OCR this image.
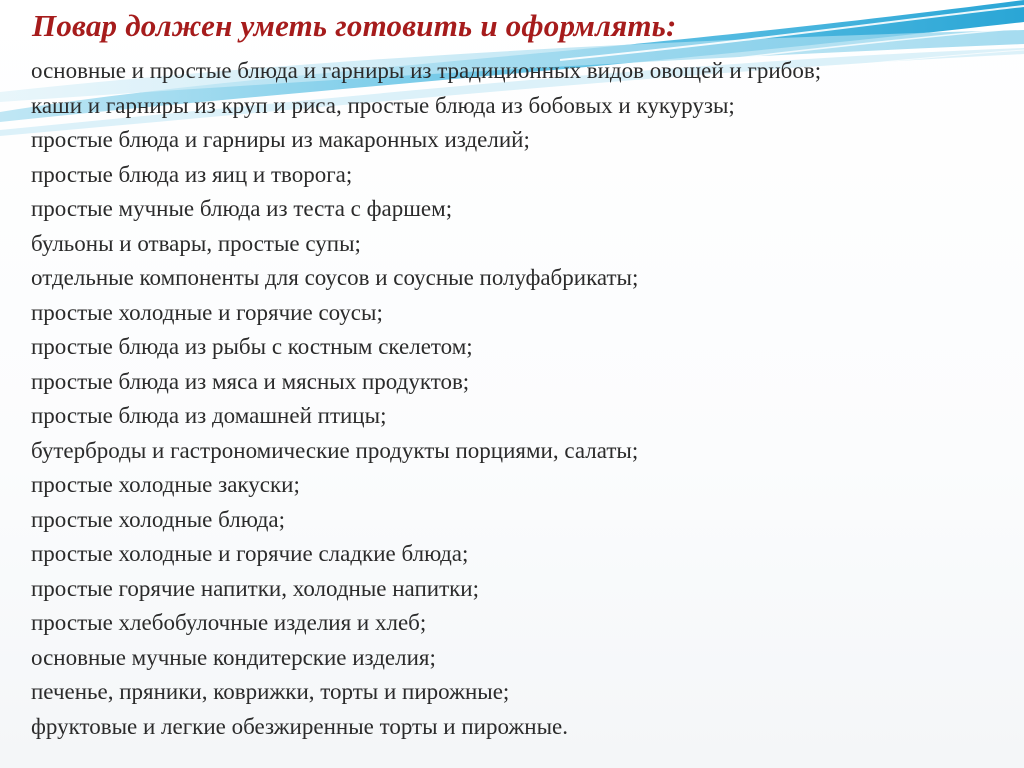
Повар должен уметь готовить и оформлять:
основные и простые блюда и гарниры из традиционных видов овощей и грибов;
каши и гарниры из круп и риса, простые блюда из бобовых и кукурузы;
простые блюда и гарниры из макаронных изделий;
простые блюда из яиц и творога;
простые мучные блюда из теста с фаршем;
бульоны и отвары, простые супы;
отдельные компоненты для соусов и соусные полуфабрикаты;
простые холодные и горячие соусы;
простые блюда из рыбы с костным скелетом;
простые блюда из мяса и мясных продуктов;
простые блюда из домашней птицы;
бутерброды и гастрономические продукты порциями, салаты;
простые холодные закуски;
простые холодные блюда;
простые холодные и горячие сладкие блюда;
простые горячие напитки, холодные напитки;
простые хлебобулочные изделия и хлеб;
основные мучные кондитерские изделия;
печенье, пряники, коврижки, торты и пирожные;
фруктовые и легкие обезжиренные торты и пирожные.
